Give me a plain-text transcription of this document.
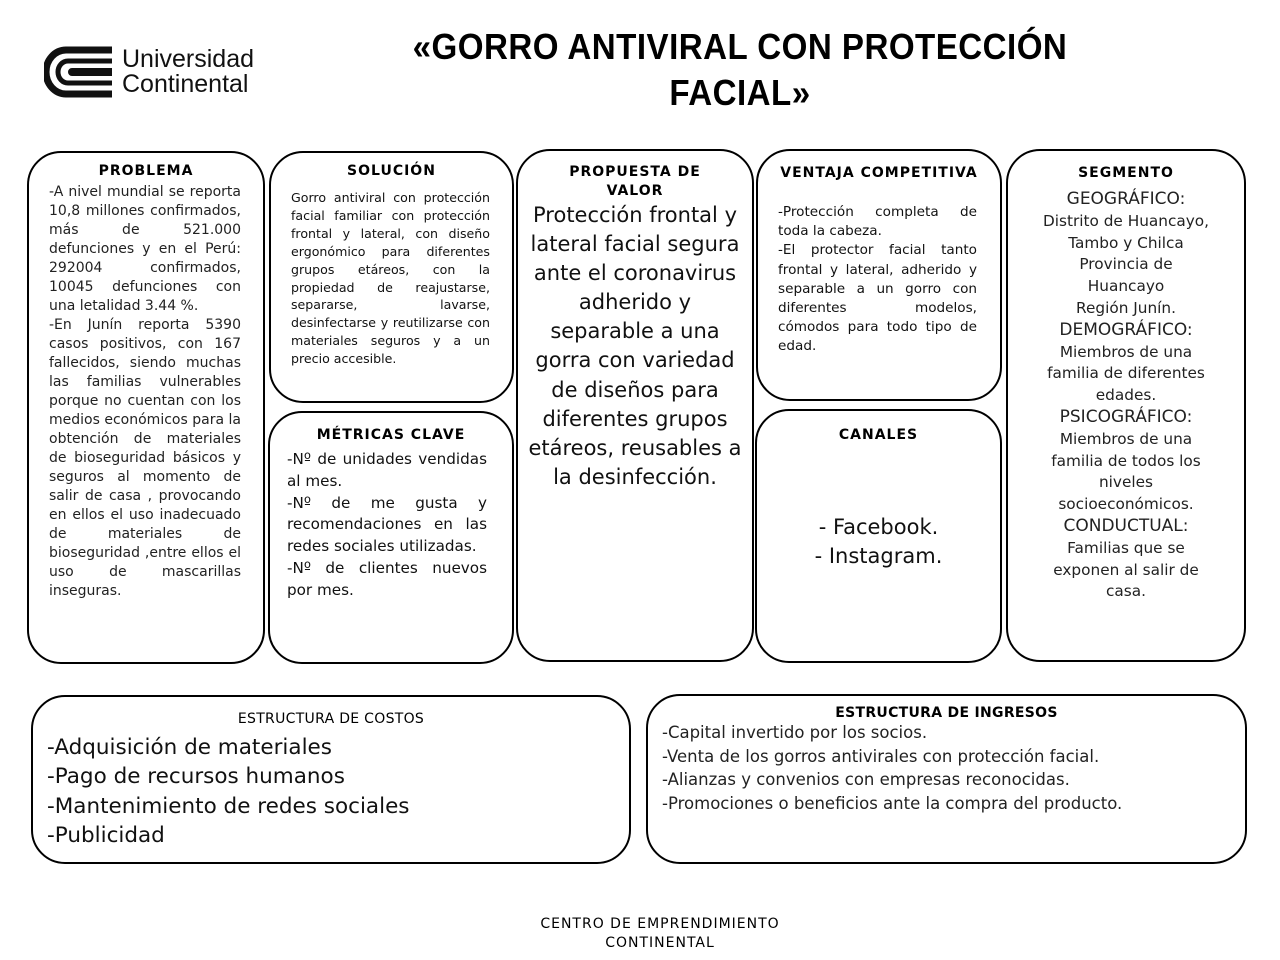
Universidad
Continental
«GORRO ANTIVIRAL CON PROTECCIÓN FACIAL»
PROBLEMA

-A nivel mundial se reporta 10,8 millones confirmados, más de 521.000 defunciones y en el Perú: 292004 confirmados, 10045 defunciones con una letalidad 3.44 %.

-En Junín reporta 5390 casos positivos, con 167 fallecidos, siendo muchas las familias vulnerables porque no cuentan con los medios económicos para la obtención de materiales de bioseguridad básicos y seguros al momento de salir de casa , provocando en ellos el uso inadecuado de materiales de bioseguridad ,entre ellos el uso de mascarillas inseguras.

SOLUCIÓN
Gorro antiviral con protección facial familiar con protección frontal y lateral, con diseño ergonómico para diferentes grupos etáreos, con la propiedad de reajustarse, separarse, lavarse, desinfectarse y reutilizarse con materiales seguros y a un precio accesible.
MÉTRICAS CLAVE

-Nº de unidades vendidas al mes.

-Nº de me gusta y recomendaciones en las redes sociales utilizadas.

-Nº de clientes nuevos por mes.

PROPUESTA DE
VALOR
Protección frontal y lateral facial segura ante el coronavirus adherido y separable a una gorra con variedad de diseños para diferentes grupos etáreos, reusables a la desinfección.
VENTAJA COMPETITIVA

-Protección completa de toda la cabeza.

-El protector facial tanto frontal y lateral, adherido y separable a un gorro con diferentes modelos, cómodos para todo tipo de edad.

CANALES
- Facebook.
- Instagram.
SEGMENTO
GEOGRÁFICO:
Distrito de Huancayo,
Tambo y Chilca
Provincia de
Huancayo
Región Junín.
DEMOGRÁFICO:
Miembros de una
familia de diferentes
edades.
PSICOGRÁFICO:
Miembros de una
familia de todos los
niveles
socioeconómicos.
CONDUCTUAL:
Familias que se
exponen al salir de
casa.
ESTRUCTURA DE COSTOS
-Adquisición de materiales
-Pago de recursos humanos
-Mantenimiento de redes sociales
-Publicidad
ESTRUCTURA DE INGRESOS
-Capital invertido por los socios.
-Venta de los gorros antivirales con protección facial.
-Alianzas y convenios con empresas reconocidas.
-Promociones o beneficios ante la compra del producto.
CENTRO DE EMPRENDIMIENTO
CONTINENTAL
